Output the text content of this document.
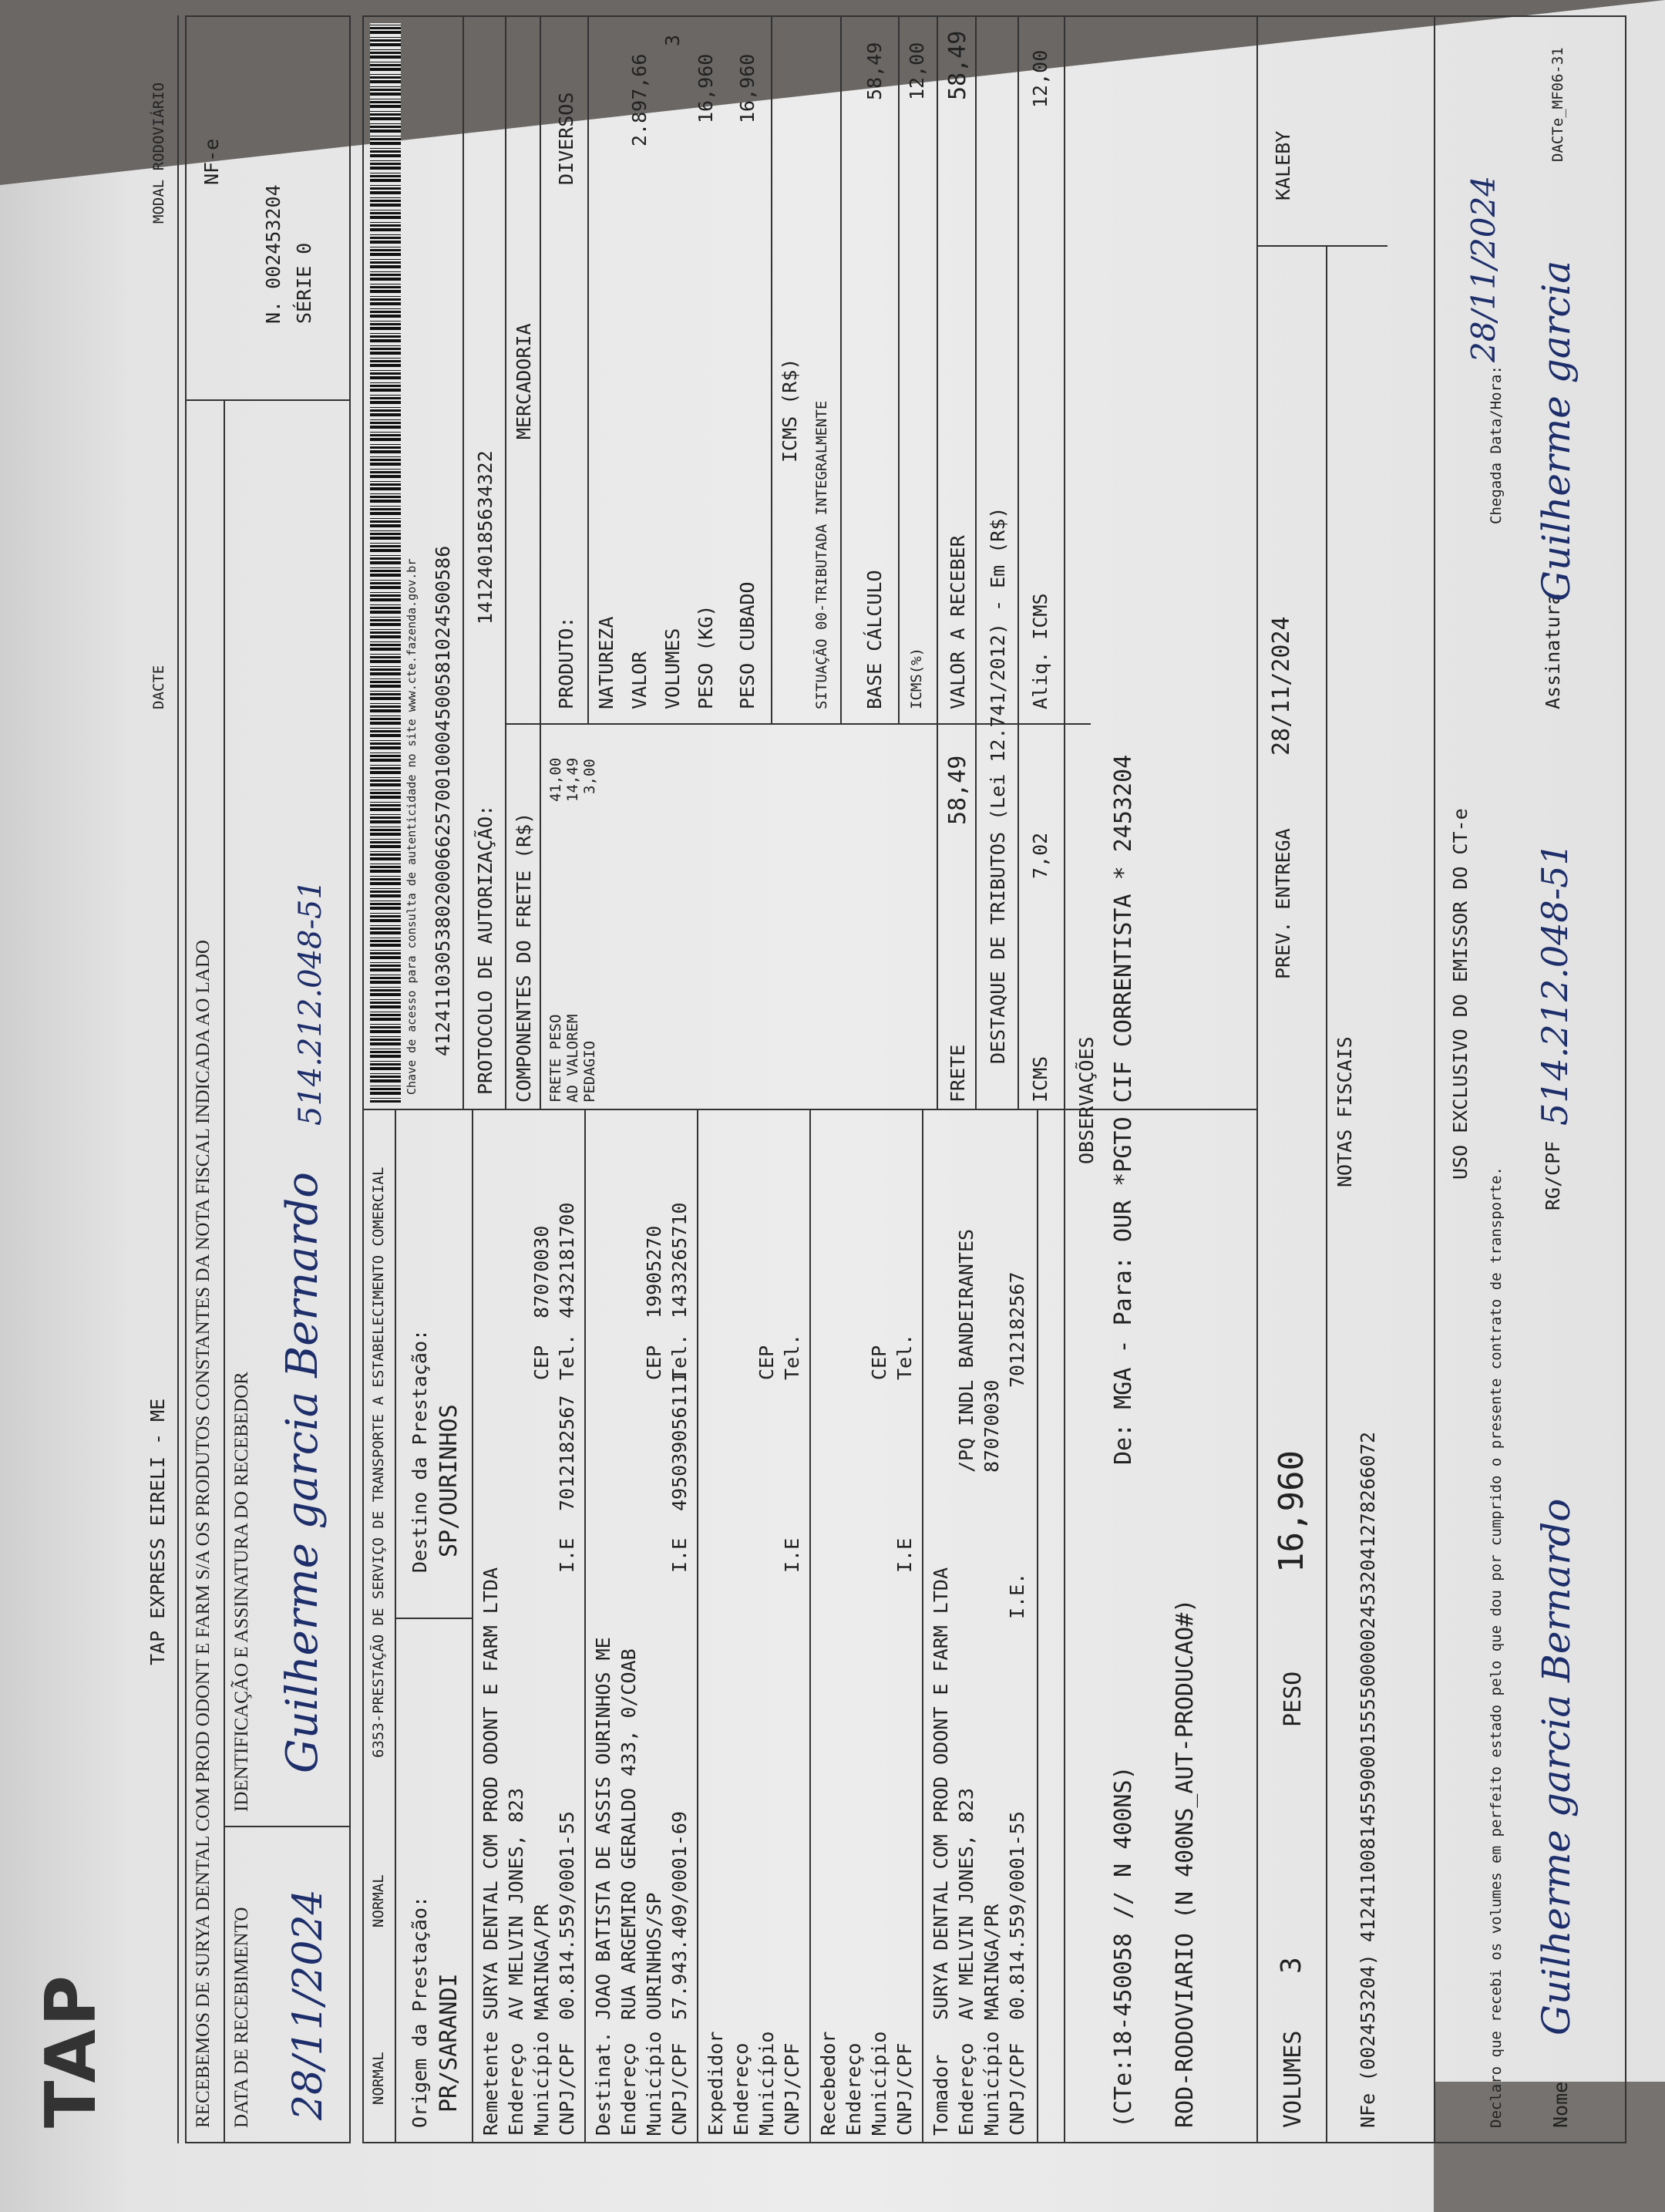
TAP
TAP EXPRESS EIRELI - ME
DACTE
MODAL RODOVIÁRIO
RECEBEMOS DE SURYA DENTAL COM PROD ODONT E FARM S/A OS PRODUTOS CONSTANTES DA NOTA FISCAL INDICADA AO LADO DATA DE RECEBIMENTO 28/11/2024
IDENTIFICAÇÃO E ASSINATURA DO RECEBEDOR Guilherme garcia Bernardo
514.212.048-51
NF-e
N. 002453204 SÉRIE 0
NORMAL
NORMAL
6353-PRESTAÇÃO DE SERVIÇO DE TRANSPORTE A ESTABELECIMENTO COMERCIAL
Chave de acesso para consulta de autenticidade no site www.cte.fazenda.gov.br 41241103053802000662570010004500581024500586 PROTOCOLO DE AUTORIZAÇÃO:
141240185634322
Origem da Prestação: PR/SARANDI
Destino da Prestação: SP/OURINHOS
Remetente
SURYA DENTAL COM PROD ODONT E FARM LTDA
Endereço
AV MELVIN JONES, 823
Município
MARINGA/PR
CEP
87070030
CNPJ/CPF
00.814.559/0001-55
I.E
7012182567
Tel.
4432181700
Destinat.
JOAO BATISTA DE ASSIS OURINHOS ME
Endereço
RUA ARGEMIRO GERALDO 433, 0/COAB
Município
OURINHOS/SP
CEP
19905270
CNPJ/CPF
57.943.409/0001-69
I.E
495039056111
Tel.
1433265710
Expedidor Endereço Município
CEP
CNPJ/CPF
I.E
Tel.
Recebedor Endereço Município
CEP
CNPJ/CPF
I.E
Tel.
Tomador
SURYA DENTAL COM PROD ODONT E FARM LTDA
Endereço
AV MELVIN JONES, 823
/PQ INDL BANDEIRANTES
Município
MARINGA/PR
87070030
CNPJ/CPF
00.814.559/0001-55
I.E.
7012182567
COMPONENTES DO FRETE (R$)
MERCADORIA
FRETE PESO
41,00
AD VALOREM
14,49
PEDAGIO
3,00
PRODUTO:
DIVERSOS
NATUREZA VALOR
2.897,66
VOLUMES
3
PESO (KG)
16,960
PESO CUBADO
16,960
ICMS (R$) SITUAÇÃO 00-TRIBUTADA INTEGRALMENTE BASE CÁLCULO
58,49
ICMS(%)
12,00
FRETE
58,49
VALOR A RECEBER
58,49
DESTAQUE DE TRIBUTOS (Lei 12.741/2012) - Em (R$)
ICMS
7,02
Aliq. ICMS
12,00
OBSERVAÇÕES
(CTe:18-450058 // N 400NS)
De: MGA - Para: OUR *PGTO CIF CORRENTISTA * 2453204
ROD-RODOVIARIO (N 400NS_AUT-PRODUCAO#)	VOLUMES
3
PESO
16,960
PREV. ENTREGA
28/11/2024
KALEBY
NOTAS FISCAIS
NFe (002453204) 41241100814559000155550000024532041278266072
USO EXCLUSIVO DO EMISSOR DO CT-e
Declaro que recebi os volumes em perfeito estado pelo que dou por cumprido o presente contrato de transporte.
Chegada Data/Hora:
28/11/2024
Nome
Guilherme garcia Bernardo
RG/CPF
514.212.048-51
Assinatura
Guilherme garcia
DACTe_MF06-31
